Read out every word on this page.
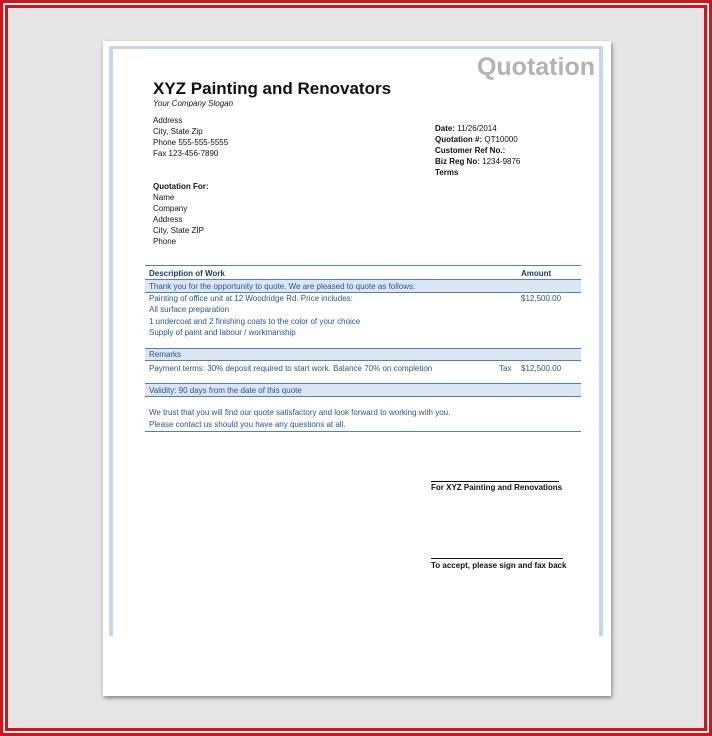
Quotation
XYZ Painting and Renovators
Your Company Slogan
Address
City, State Zip
Phone 555-555-5555
Fax 123-456-7890
Date: 11/26/2014
Quotation #: QT10000
Customer Ref No.:
Biz Reg No: 1234-9876
Terms
Quotation For:
Name
Company
Address
City, State ZIP
Phone
Description of Work	Amount
Thank you for the opportunity to quote. We are pleased to quote as follows:
Painting of office unit at 12 Woodridge Rd. Price includes:	$12,500.00
All surface preparation
1 undercoat and 2 finishing coats to the color of your choice
Supply of paint and labour / workmanship
Remarks
Payment terms: 30% deposit required to start work. Balance 70% on completion	Tax $12,500.00
Validity: 90 days from the date of this quote
We trust that you will find our quote satisfactory and look forward to working with you.
Please contact us should you have any questions at all.
For XYZ Painting and Renovations
To accept, please sign and fax back
